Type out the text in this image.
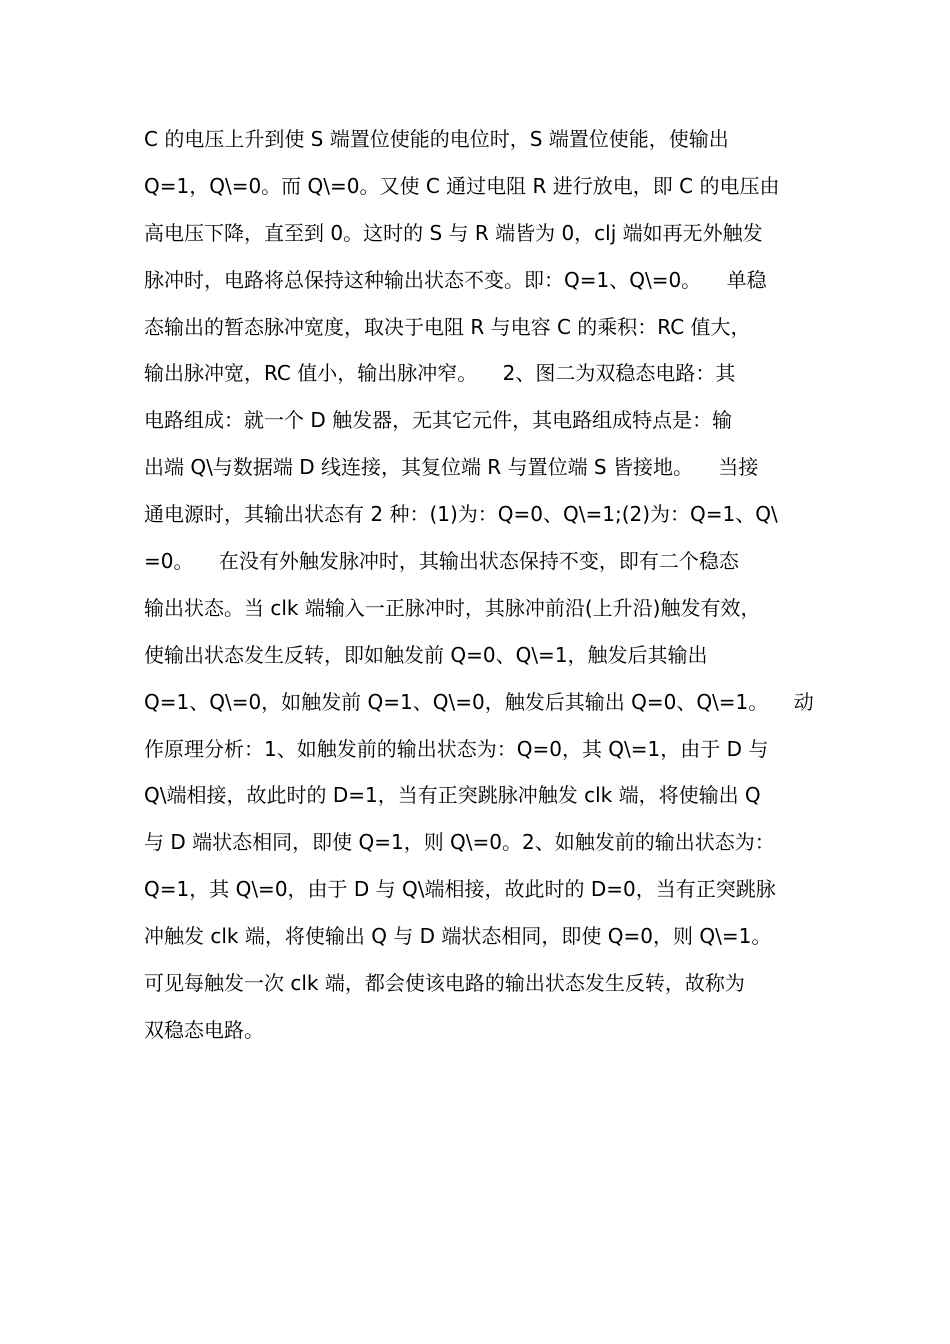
C 的电压上升到使 S 端置位使能的电位时，S 端置位使能，使输出
Q=1，Q\=0。而 Q\=0。又使 C 通过电阻 R 进行放电，即 C 的电压由
高电压下降，直至到 0。这时的 S 与 R 端皆为 0，clj 端如再无外触发
脉冲时，电路将总保持这种输出状态不变。即：Q=1、Q\=0。    单稳
态输出的暂态脉冲宽度，取决于电阻 R 与电容 C 的乘积：RC 值大，
输出脉冲宽，RC 值小，输出脉冲窄。    2、图二为双稳态电路：其
电路组成：就一个 D 触发器，无其它元件，其电路组成特点是：输
出端 Q\与数据端 D 线连接，其复位端 R 与置位端 S 皆接地。    当接
通电源时，其输出状态有 2 种：(1)为：Q=0、Q\=1;(2)为：Q=1、Q\
=0。    在没有外触发脉冲时，其输出状态保持不变，即有二个稳态
输出状态。当 clk 端输入一正脉冲时，其脉冲前沿(上升沿)触发有效，
使输出状态发生反转，即如触发前 Q=0、Q\=1，触发后其输出
Q=1、Q\=0，如触发前 Q=1、Q\=0，触发后其输出 Q=0、Q\=1。    动
作原理分析：1、如触发前的输出状态为：Q=0，其 Q\=1，由于 D 与
Q\端相接，故此时的 D=1，当有正突跳脉冲触发 clk 端，将使输出 Q
与 D 端状态相同，即使 Q=1，则 Q\=0。2、如触发前的输出状态为：
Q=1，其 Q\=0，由于 D 与 Q\端相接，故此时的 D=0，当有正突跳脉
冲触发 clk 端，将使输出 Q 与 D 端状态相同，即使 Q=0，则 Q\=1。
可见每触发一次 clk 端，都会使该电路的输出状态发生反转，故称为
双稳态电路。
